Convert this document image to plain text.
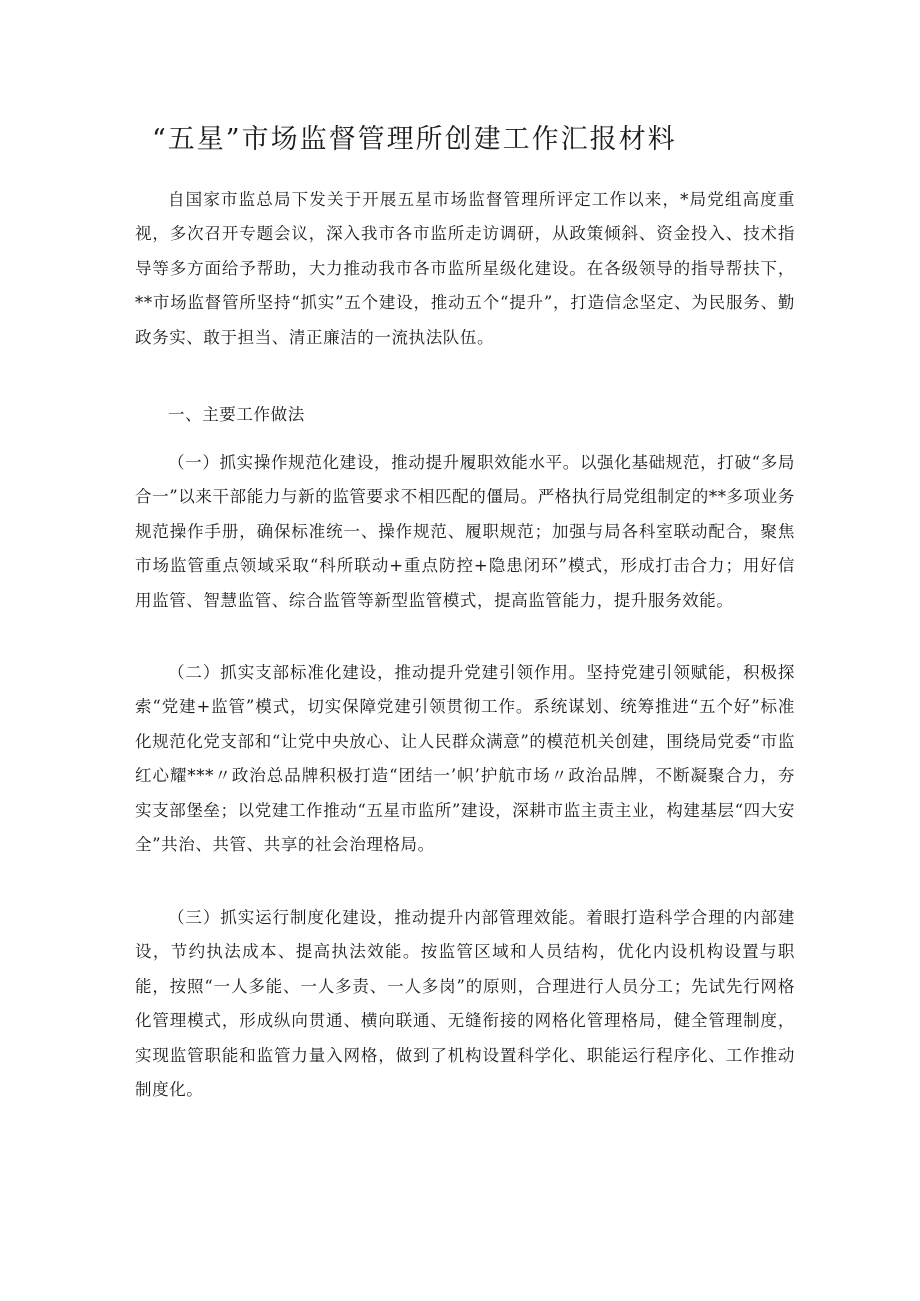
“五星”市场监督管理所创建工作汇报材料

自国家市监总局下发关于开展五星市场监督管理所评定工作以来，*局党组高度重视，多次召开专题会议，深入我市各市监所走访调研，从政策倾斜、资金投入、技术指导等多方面给予帮助，大力推动我市各市监所星级化建设。在各级领导的指导帮扶下，**市场监督管所坚持“抓实”五个建设，推动五个“提升”，打造信念坚定、为民服务、勤政务实、敢于担当、清正廉洁的一流执法队伍。

一、主要工作做法

（一）抓实操作规范化建设，推动提升履职效能水平。以强化基础规范，打破“多局合一”以来干部能力与新的监管要求不相匹配的僵局。严格执行局党组制定的**多项业务规范操作手册，确保标准统一、操作规范、履职规范；加强与局各科室联动配合，聚焦市场监管重点领域采取“科所联动+重点防控+隐患闭环”模式，形成打击合力；用好信用监管、智慧监管、综合监管等新型监管模式，提高监管能力，提升服务效能。

（二）抓实支部标准化建设，推动提升党建引领作用。坚持党建引领赋能，积极探索“党建+监管”模式，切实保障党建引领贯彻工作。系统谋划、统筹推进“五个好”标准化规范化党支部和“让党中央放心、让人民群众满意”的模范机关创建，围绕局党委“市监红心耀***〃政治总品牌积极打造“团结一’帜’护航市场〃政治品牌，不断凝聚合力，夯实支部堡垒；以党建工作推动“五星市监所”建设，深耕市监主责主业，构建基层“四大安全”共治、共管、共享的社会治理格局。

（三）抓实运行制度化建设，推动提升内部管理效能。着眼打造科学合理的内部建设，节约执法成本、提高执法效能。按监管区域和人员结构，优化内设机构设置与职能，按照“一人多能、一人多责、一人多岗”的原则，合理进行人员分工；先试先行网格化管理模式，形成纵向贯通、横向联通、无缝衔接的网格化管理格局，健全管理制度，实现监管职能和监管力量入网格，做到了机构设置科学化、职能运行程序化、工作推动制度化。
